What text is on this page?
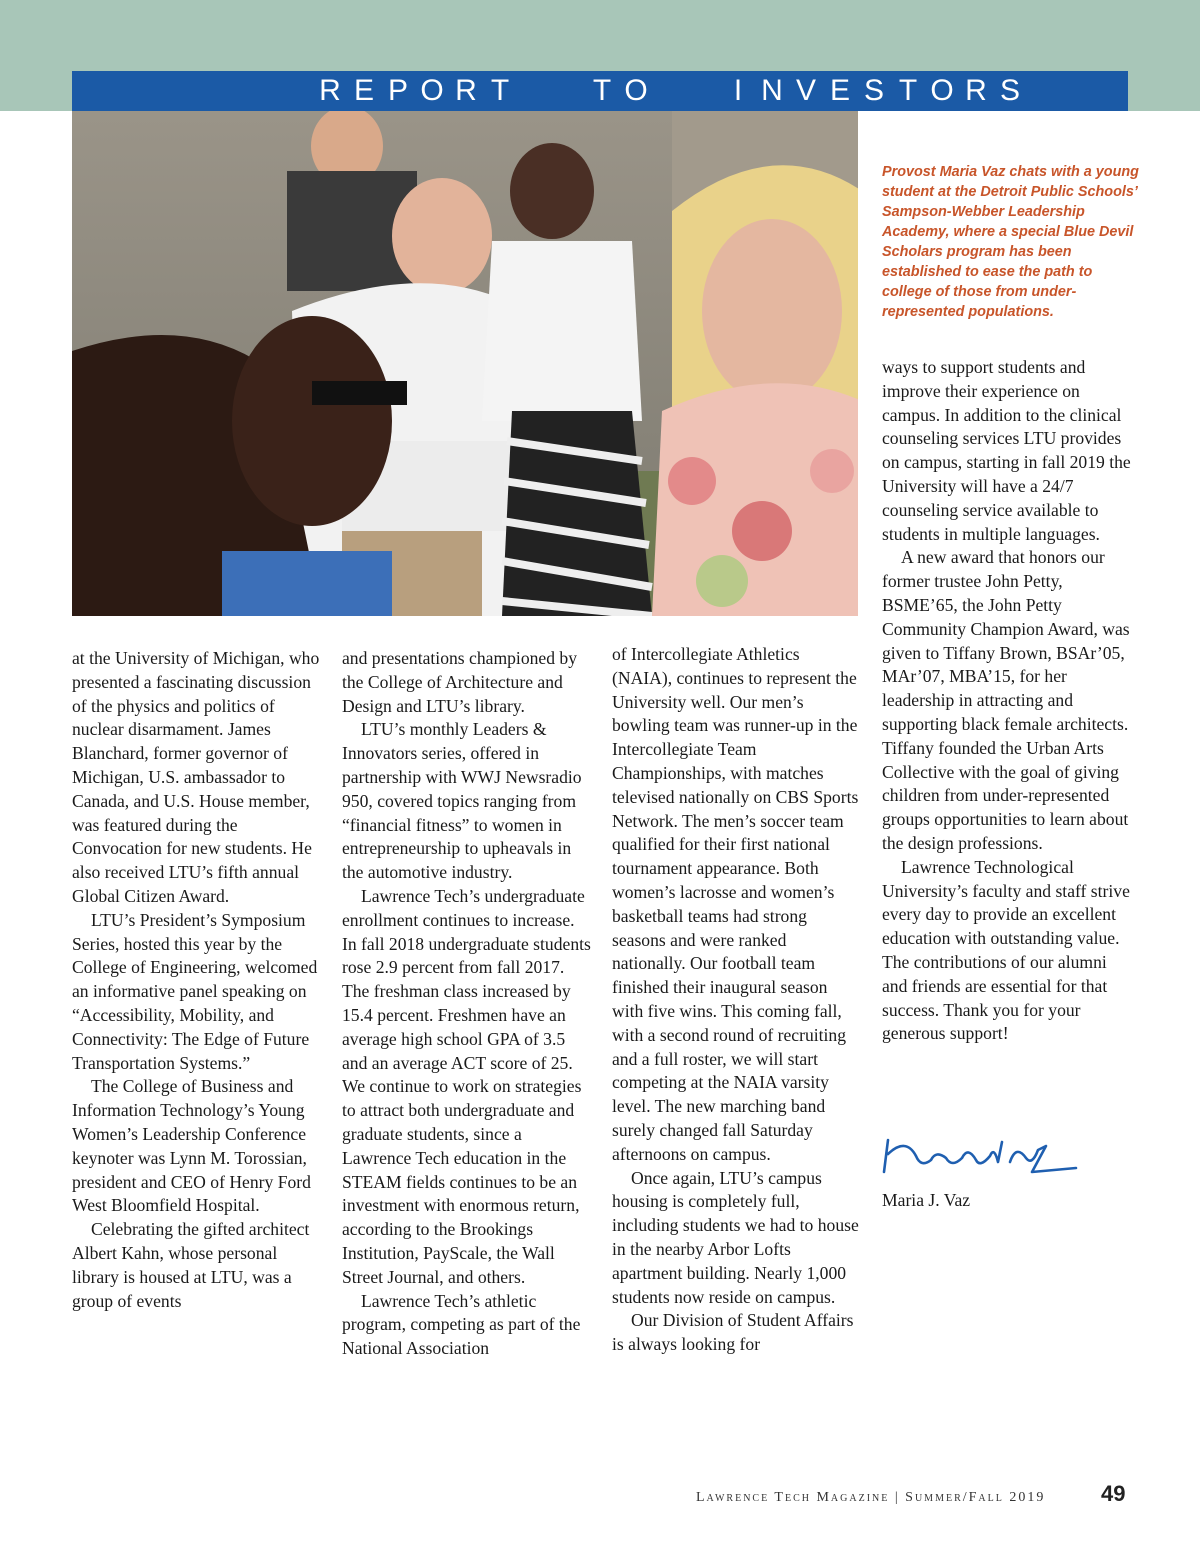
R E P O R T

	T O

	I N V E S T O R S
Provost Maria Vaz chats with a young student at the Detroit Public Schools’ Sampson-Webber Leadership Academy, where a special Blue Devil Scholars program has been established to ease the path to college of those from under-represented populations.

at the University of Michigan, who presented a fascinating discussion of the physics and politics of nuclear disarmament. James Blanchard, former governor of Michigan, U.S. ambassador to Canada, and U.S. House member, was featured during the Convocation for new students. He also received LTU’s fifth annual Global Citizen Award.

LTU’s President’s Symposium Series, hosted this year by the College of Engineering, welcomed an informative panel speaking on “Accessibility, Mobility, and Connectivity: The Edge of Future Transportation Systems.”

The College of Business and Information Technology’s Young Women’s Leadership Conference keynoter was Lynn M. Torossian, president and CEO of Henry Ford West Bloomfield Hospital.

Celebrating the gifted architect Albert Kahn, whose personal library is housed at LTU, was a group of events

and presentations championed by the College of Architecture and Design and LTU’s library.

LTU’s monthly Leaders & Innovators series, offered in partnership with WWJ Newsradio 950, covered topics ranging from “financial fitness” to women in entrepreneurship to upheavals in the automotive industry.

Lawrence Tech’s undergraduate enrollment continues to increase. In fall 2018 undergraduate students rose 2.9 percent from fall 2017. The freshman class increased by 15.4 percent. Freshmen have an average high school GPA of 3.5 and an average ACT score of 25. We continue to work on strategies to attract both undergraduate and graduate students, since a Lawrence Tech education in the STEAM fields continues to be an investment with enormous return, according to the Brookings Institution, PayScale, the Wall Street Journal, and others.

Lawrence Tech’s athletic program, competing as part of the National Association

of Intercollegiate Athletics (NAIA), continues to represent the University well. Our men’s bowling team was runner-up in the Intercollegiate Team Championships, with matches televised nationally on CBS Sports Network. The men’s soccer team qualified for their first national tournament appearance. Both women’s lacrosse and women’s basketball teams had strong seasons and were ranked nationally. Our football team finished their inaugural season with five wins. This coming fall, with a second round of recruiting and a full roster, we will start competing at the NAIA varsity level. The new marching band surely changed fall Saturday afternoons on campus.

Once again, LTU’s campus housing is completely full, including students we had to house in the nearby Arbor Lofts apartment building. Nearly 1,000 students now reside on campus.

Our Division of Student Affairs is always looking for

ways to support students and improve their experience on campus. In addition to the clinical counseling services LTU provides on campus, starting in fall 2019 the University will have a 24/7 counseling service available to students in multiple languages.

A new award that honors our former trustee John Petty, BSME’65, the John Petty Community Champion Award, was given to Tiffany Brown, BSAr’05, MAr’07, MBA’15, for her leadership in attracting and supporting black female architects. Tiffany founded the Urban Arts Collective with the goal of giving children from under-represented groups opportunities to learn about the design professions.

Lawrence Technological University’s faculty and staff strive every day to provide an excellent education with outstanding value. The contributions of our alumni and friends are essential for that success. Thank you for your generous support!

Maria J. Vaz
Lawrence Tech Magazine | Summer/Fall 2019	49
